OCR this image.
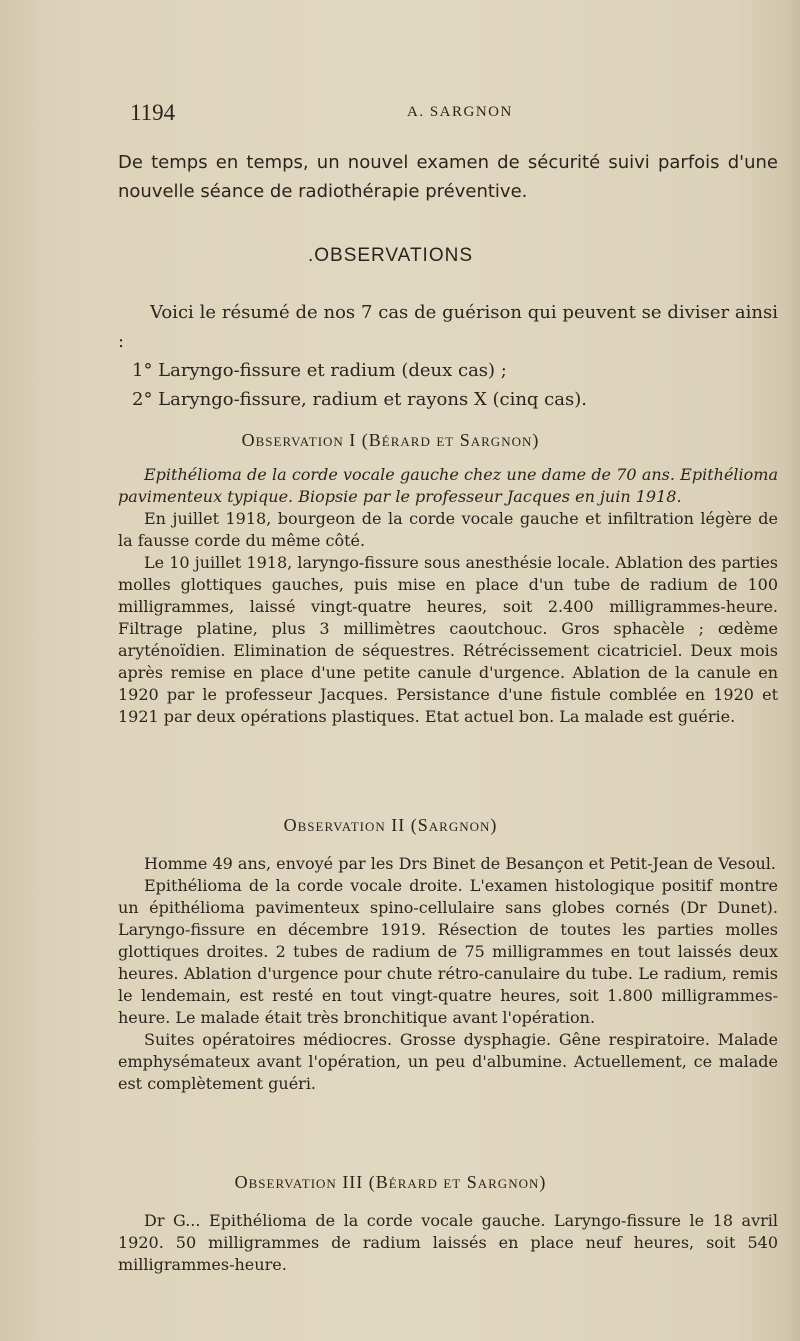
1194	A. SARGNON
De temps en temps, un nouvel examen de sécurité suivi parfois d'une nouvelle séance de radiothérapie préventive.
.OBSERVATIONS

Voici le résumé de nos 7 cas de guérison qui peuvent se diviser ainsi :

1° Laryngo-fissure et radium (deux cas) ;

2° Laryngo-fissure, radium et rayons X (cinq cas).

Observation I (Bérard et Sargnon)

Epithélioma de la corde vocale gauche chez une dame de 70 ans. Epithélioma pavimenteux typique. Biopsie par le professeur Jacques en juin 1918.

En juillet 1918, bourgeon de la corde vocale gauche et infiltration légère de la fausse corde du même côté.

Le 10 juillet 1918, laryngo-fissure sous anesthésie locale. Ablation des parties molles glottiques gauches, puis mise en place d'un tube de radium de 100 milligrammes, laissé vingt-quatre heures, soit 2.400 milligrammes-heure. Filtrage platine, plus 3 millimètres caoutchouc. Gros sphacèle ; œdème aryténoïdien. Elimination de séquestres. Rétrécissement cicatriciel. Deux mois après remise en place d'une petite canule d'urgence. Ablation de la canule en 1920 par le professeur Jacques. Persistance d'une fistule comblée en 1920 et 1921 par deux opérations plastiques. Etat actuel bon. La malade est guérie.

Observation II (Sargnon)

Homme 49 ans, envoyé par les Drs Binet de Besançon et Petit-Jean de Vesoul.

Epithélioma de la corde vocale droite. L'examen histologique positif montre un épithélioma pavimenteux spino-cellulaire sans globes cornés (Dr Dunet). Laryngo-fissure en décembre 1919. Résection de toutes les parties molles glottiques droites. 2 tubes de radium de 75 milligrammes en tout laissés deux heures. Ablation d'urgence pour chute rétro-canulaire du tube. Le radium, remis le lendemain, est resté en tout vingt-quatre heures, soit 1.800 milligrammes-heure. Le malade était très bronchitique avant l'opération.

Suites opératoires médiocres. Grosse dysphagie. Gêne respiratoire. Malade emphysémateux avant l'opération, un peu d'albumine. Actuellement, ce malade est complètement guéri.

Observation III (Bérard et Sargnon)

Dr G... Epithélioma de la corde vocale gauche. Laryngo-fissure le 18 avril 1920. 50 milligrammes de radium laissés en place neuf heures, soit 540 milligrammes-heure.
